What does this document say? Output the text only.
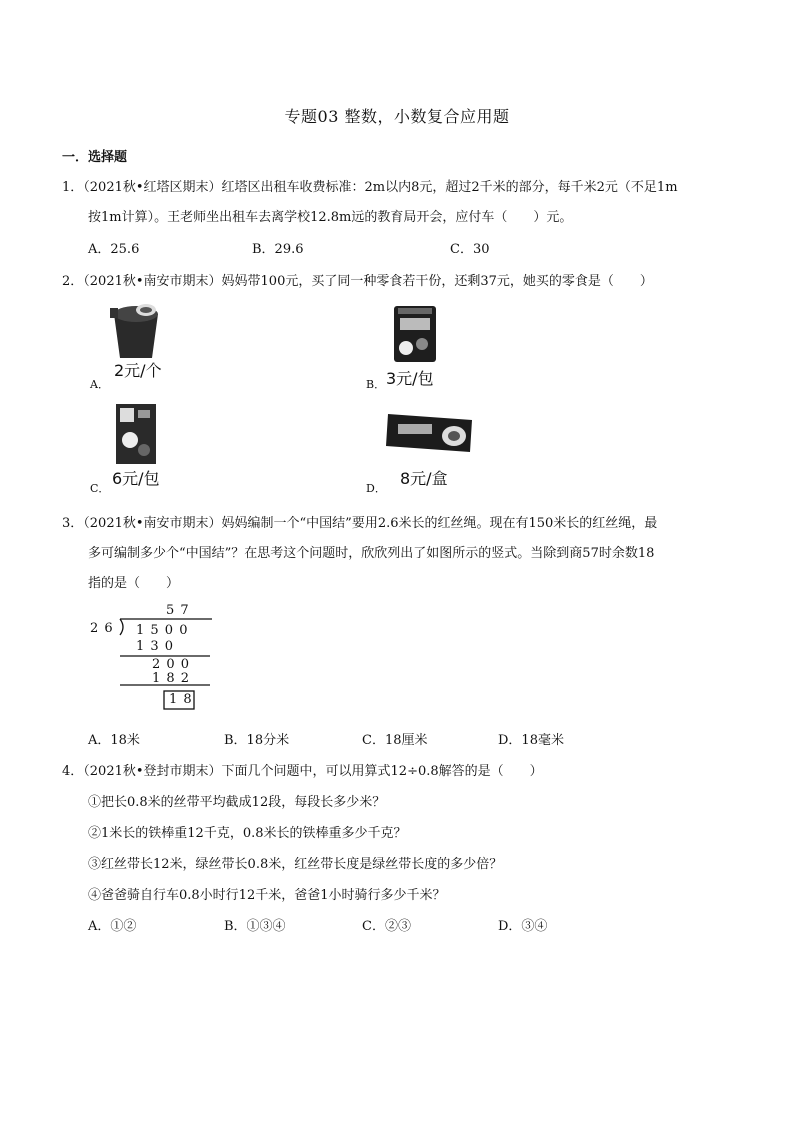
专题03 整数，小数复合应用题
一．选择题
1．（2021秋•红塔区期末）红塔区出租车收费标准：2m以内8元，超过2千米的部分，每千米2元（不足1m
按1m计算）。王老师坐出租车去离学校12.8m远的教育局开会，应付车（　　）元。
A．25.6	B．29.6	C．30
2．（2021秋•南安市期末）妈妈带100元，买了同一种零食若干份，还剩37元，她买的零食是（　　）
A．
2元/个
B． 3元/包
C．
6元/包
D．
8元/盒
3．（2021秋•南安市期末）妈妈编制一个“中国结”要用2.6米长的红丝绳。现在有150米长的红丝绳，最
多可编制多少个“中国结”？在思考这个问题时，欣欣列出了如图所示的竖式。当除到商57时余数18
指的是（　　）
5 7
2 6 1 5 0 0
1 3 0
2 0 0
1 8 2
1 8
A．18米	B．18分米	C．18厘米	D．18毫米
4．（2021秋•登封市期末）下面几个问题中，可以用算式12÷0.8解答的是（　　）
①把长0.8米的丝带平均截成12段，每段长多少米？
②1米长的铁棒重12千克，0.8米长的铁棒重多少千克？
③红丝带长12米，绿丝带长0.8米，红丝带长度是绿丝带长度的多少倍？
④爸爸骑自行车0.8小时行12千米，爸爸1小时骑行多少千米？
A．①②	B．①③④	C．②③	D．③④
